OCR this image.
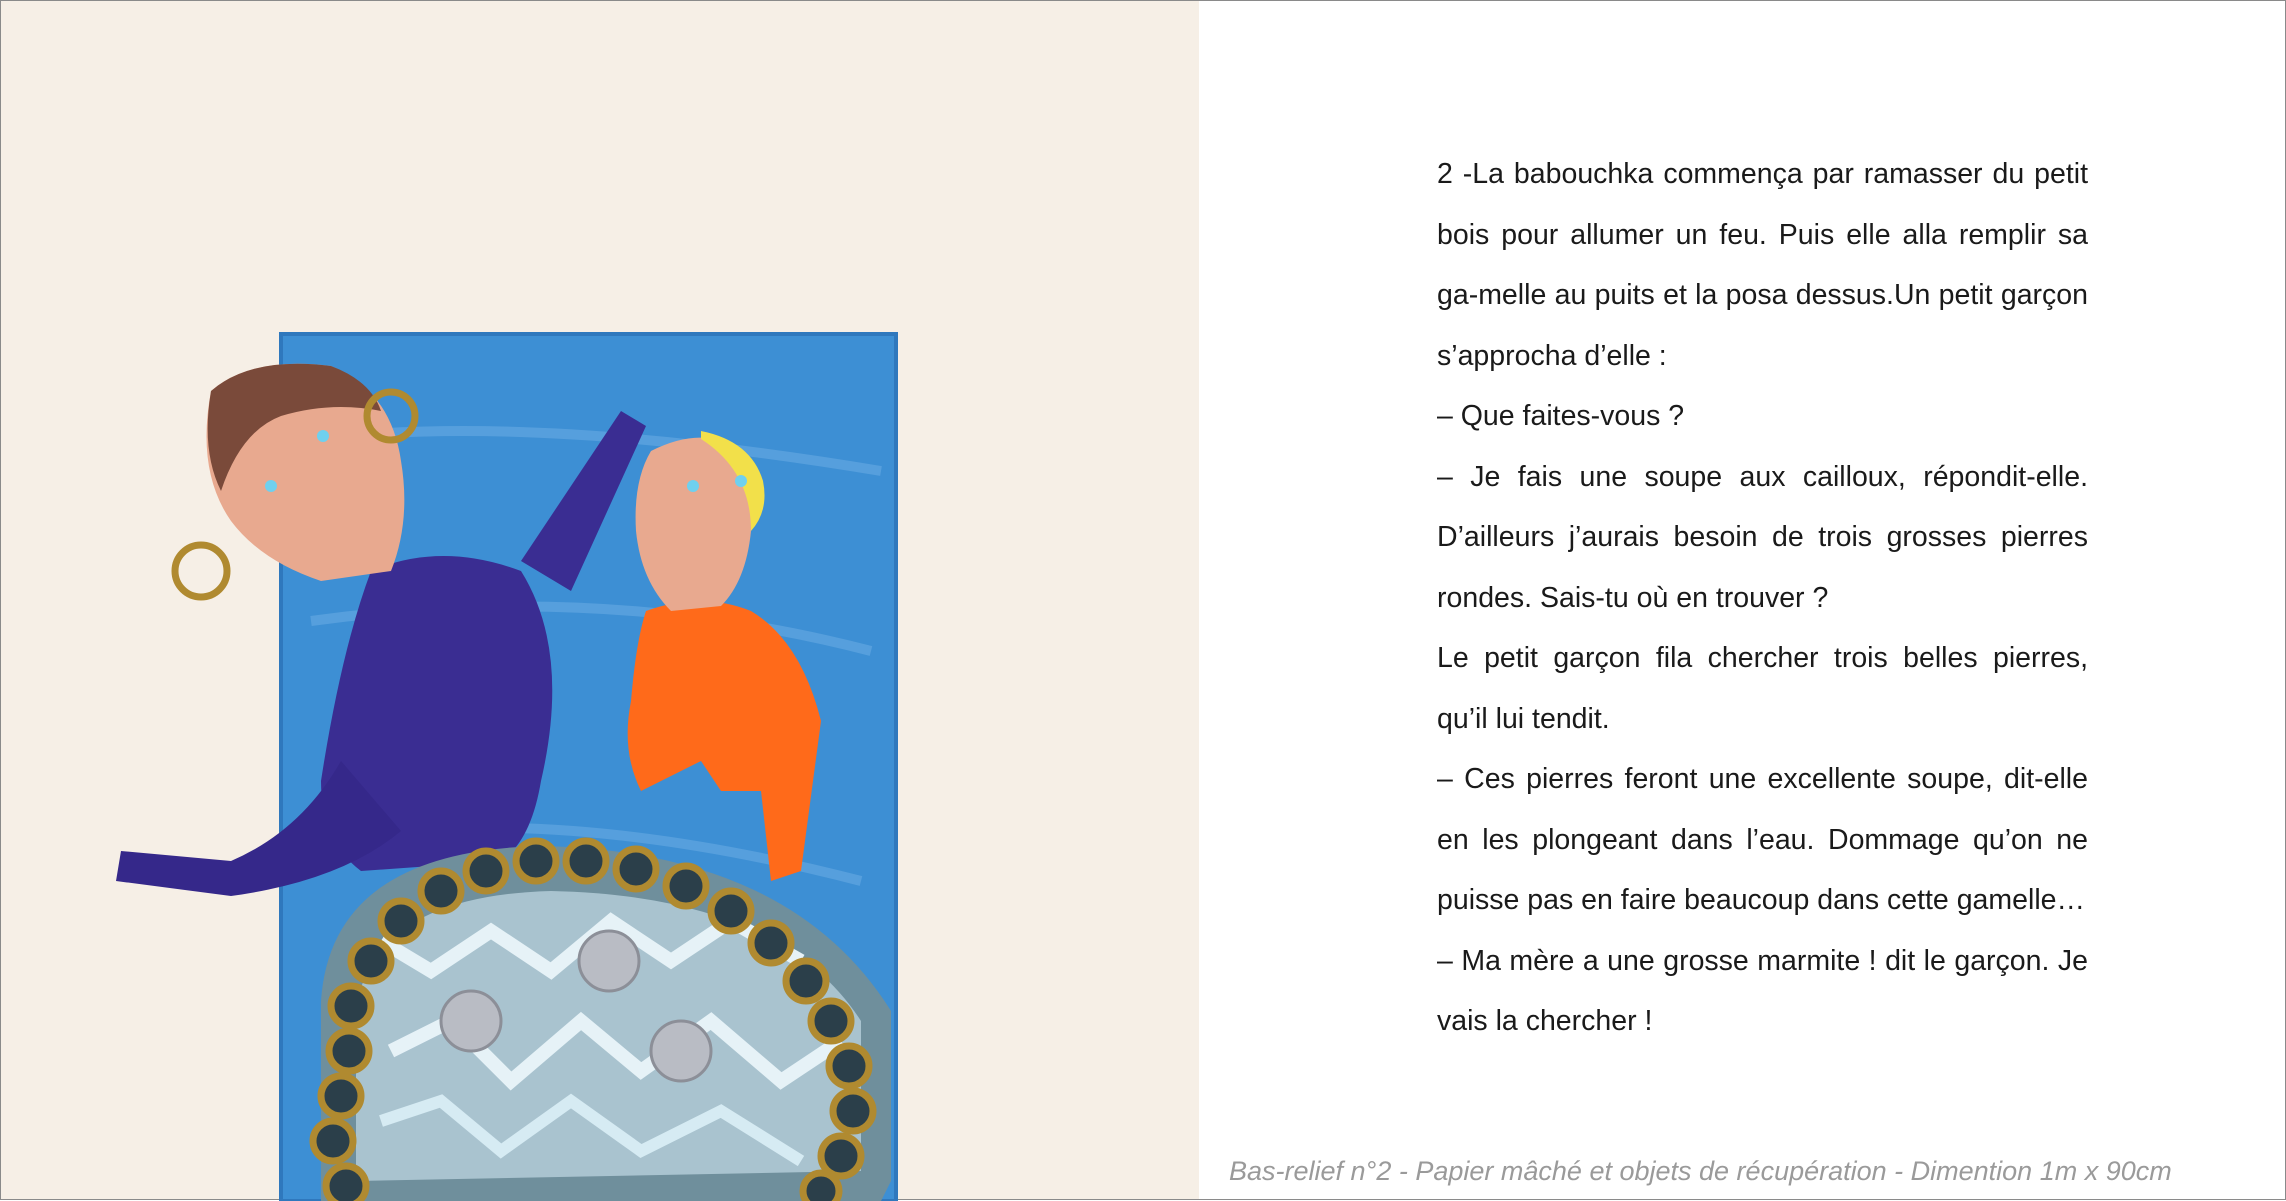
2 -La babouchka commença par ramasser du petit bois pour allumer un feu. Puis elle alla remplir sa ga-melle au puits et la posa dessus.Un petit garçon s’approcha d’elle :

– Que faites-vous ?

– Je fais une soupe aux cailloux, répondit-elle. D’ailleurs j’aurais besoin de trois grosses pierres rondes. Sais-tu où en trouver ?

Le petit garçon fila chercher trois belles pierres, qu’il lui tendit.

– Ces pierres feront une excellente soupe, dit-elle en les plongeant dans l’eau. Dommage qu’on ne puisse pas en faire beaucoup dans cette gamelle…

– Ma mère a une grosse marmite ! dit le garçon. Je vais la chercher !

Bas-relief n°2 - Papier mâché et objets de récupération - Dimention 1m x 90cm
